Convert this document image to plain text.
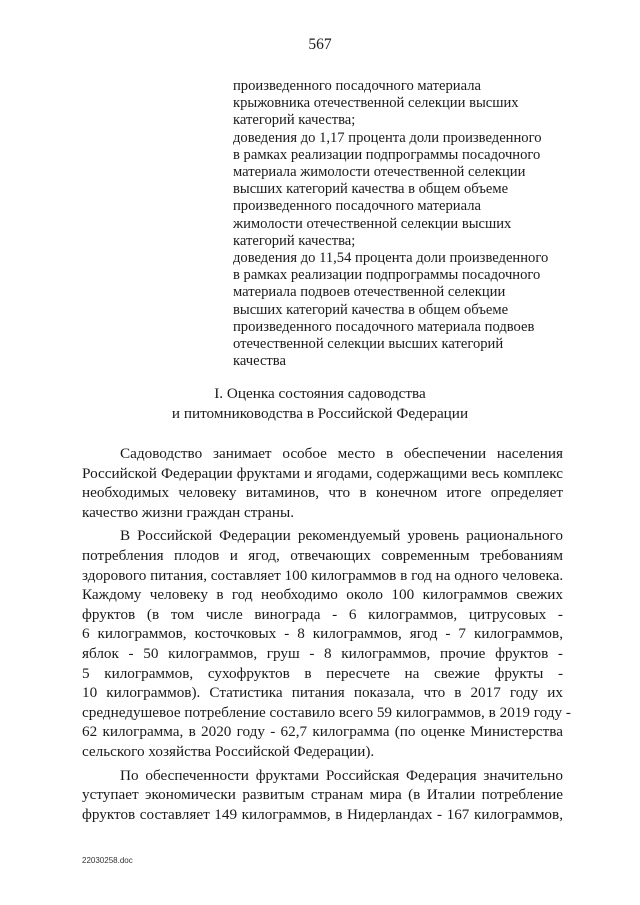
567
произведенного посадочного материала
крыжовника отечественной селекции высших
категорий качества;
доведения до 1,17 процента доли произведенного
в рамках реализации подпрограммы посадочного
материала жимолости отечественной селекции
высших категорий качества в общем объеме
произведенного посадочного материала
жимолости отечественной селекции высших
категорий качества;
доведения до 11,54 процента доли произведенного
в рамках реализации подпрограммы посадочного
материала подвоев отечественной селекции
высших категорий качества в общем объеме
произведенного посадочного материала подвоев
отечественной селекции высших категорий
качества
I. Оценка состояния садоводства
и питомниководства в Российской Федерации
Садоводство занимает особое место в обеспечении населения
Российской Федерации фруктами и ягодами, содержащими весь комплекс
необходимых человеку витаминов, что в конечном итоге определяет
качество жизни граждан страны.
В Российской Федерации рекомендуемый уровень рационального
потребления плодов и ягод, отвечающих современным требованиям
здорового питания, составляет 100 килограммов в год на одного человека.
Каждому человеку в год необходимо около 100 килограммов свежих
фруктов (в том числе винограда - 6 килограммов, цитрусовых -
6 килограммов, косточковых - 8 килограммов, ягод - 7 килограммов,
яблок - 50 килограммов, груш - 8 килограммов, прочие фруктов -
5 килограммов, сухофруктов в пересчете на свежие фрукты -
10 килограммов). Статистика питания показала, что в 2017 году их
среднедушевое потребление составило всего 59 килограммов, в 2019 году -
62 килограмма, в 2020 году - 62,7 килограмма (по оценке Министерства
сельского хозяйства Российской Федерации).
По обеспеченности фруктами Российская Федерация значительно
уступает экономически развитым странам мира (в Италии потребление
фруктов составляет 149 килограммов, в Нидерландах - 167 килограммов,
22030258.doc
